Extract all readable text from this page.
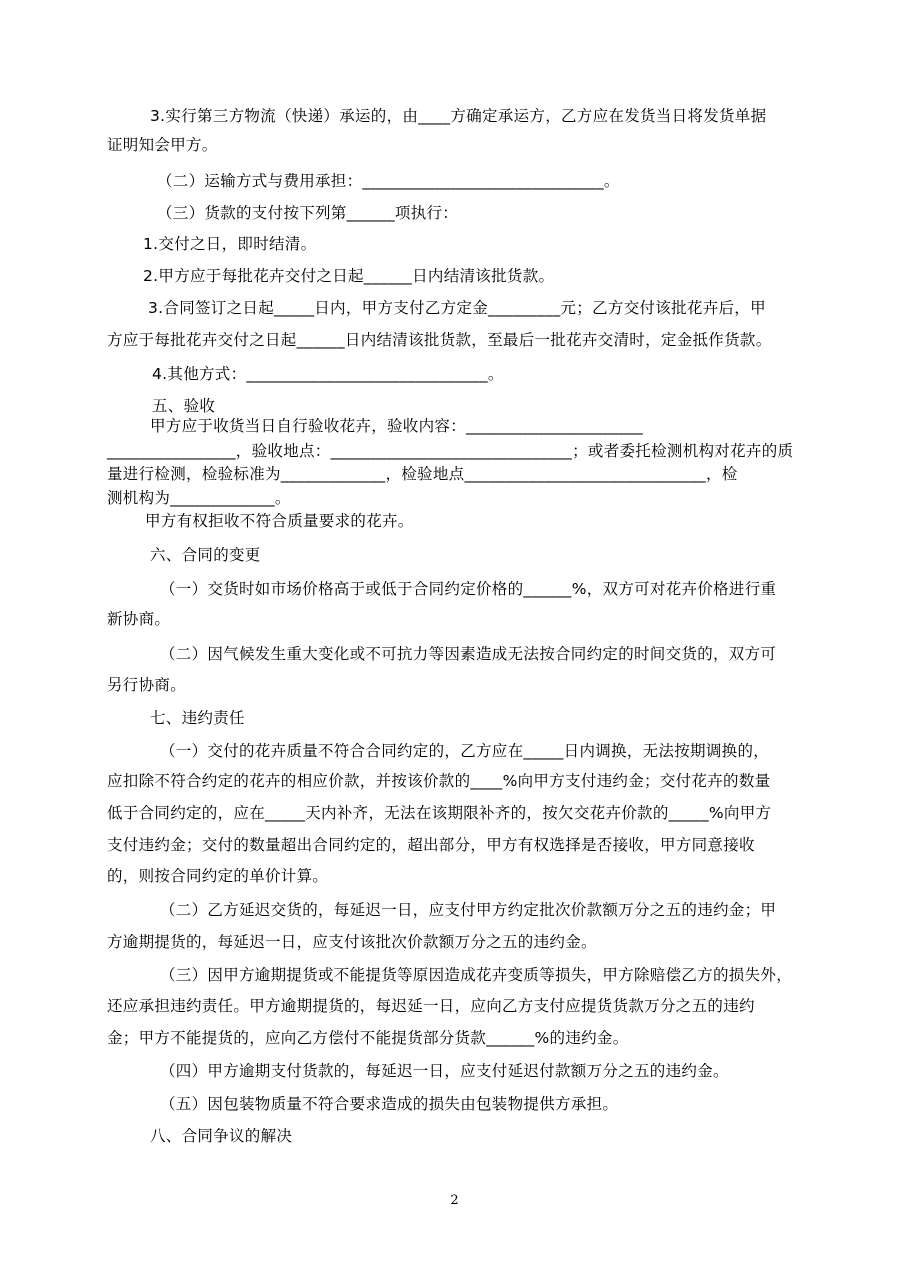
3.实行第三方物流（快递）承运的，由____方确定承运方，乙方应在发货当日将发货单据
证明知会甲方。
（二）运输方式与费用承担：______________________________。
（三）货款的支付按下列第______项执行：
1.交付之日，即时结清。
2.甲方应于每批花卉交付之日起______日内结清该批货款。
3.合同签订之日起_____日内，甲方支付乙方定金_________元；乙方交付该批花卉后，甲
方应于每批花卉交付之日起______日内结清该批货款，至最后一批花卉交清时，定金抵作货款。
4.其他方式：______________________________。
五、验收
甲方应于收货当日自行验收花卉，验收内容：______________________
________________，验收地点：______________________________；或者委托检测机构对花卉的质
量进行检测，检验标准为_____________，检验地点______________________________，检
测机构为_____________。
甲方有权拒收不符合质量要求的花卉。
六、合同的变更
（一）交货时如市场价格高于或低于合同约定价格的______%，双方可对花卉价格进行重
新协商。
（二）因气候发生重大变化或不可抗力等因素造成无法按合同约定的时间交货的，双方可
另行协商。
七、违约责任
（一）交付的花卉质量不符合合同约定的，乙方应在_____日内调换，无法按期调换的，
应扣除不符合约定的花卉的相应价款，并按该价款的____%向甲方支付违约金；交付花卉的数量
低于合同约定的，应在_____天内补齐，无法在该期限补齐的，按欠交花卉价款的_____%向甲方
支付违约金；交付的数量超出合同约定的，超出部分，甲方有权选择是否接收，甲方同意接收
的，则按合同约定的单价计算。
（二）乙方延迟交货的，每延迟一日，应支付甲方约定批次价款额万分之五的违约金；甲
方逾期提货的，每延迟一日，应支付该批次价款额万分之五的违约金。
（三）因甲方逾期提货或不能提货等原因造成花卉变质等损失，甲方除赔偿乙方的损失外，
还应承担违约责任。甲方逾期提货的，每迟延一日，应向乙方支付应提货货款万分之五的违约
金；甲方不能提货的，应向乙方偿付不能提货部分货款______%的违约金。
（四）甲方逾期支付货款的，每延迟一日，应支付延迟付款额万分之五的违约金。
（五）因包装物质量不符合要求造成的损失由包装物提供方承担。
八、合同争议的解决
2
